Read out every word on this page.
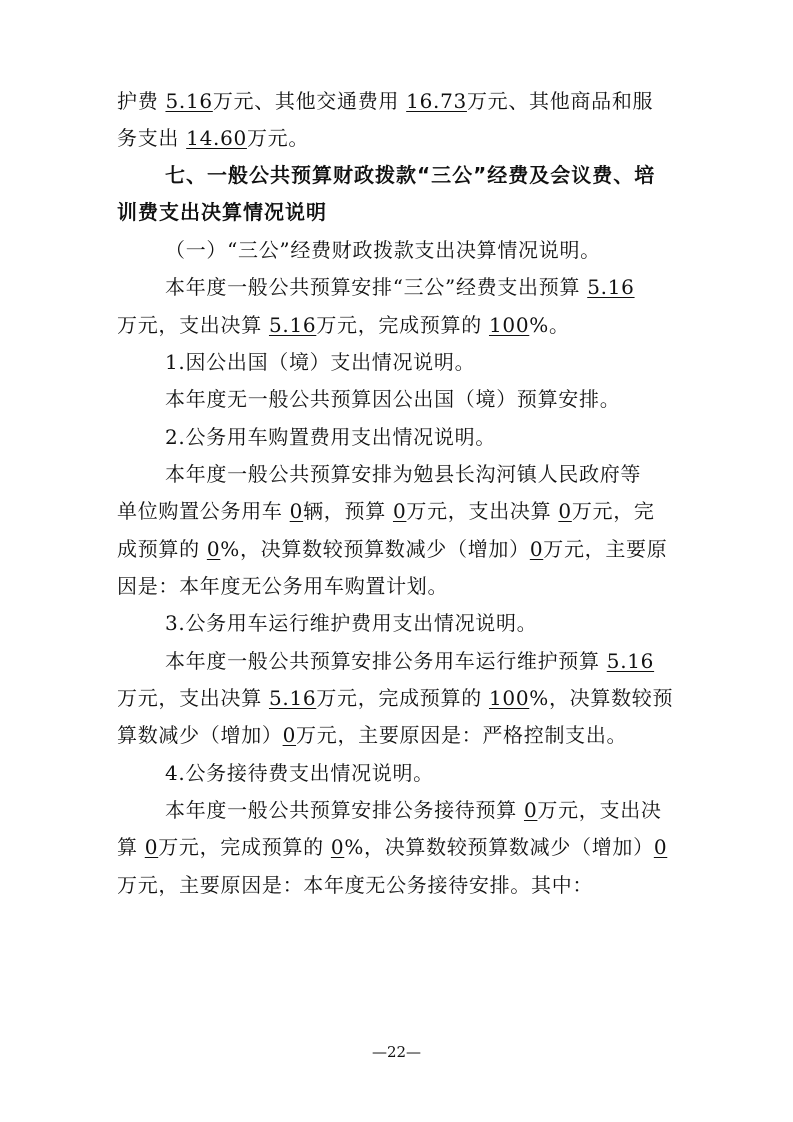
护费 5.16万元、其他交通费用 16.73万元、其他商品和服
务支出 14.60万元。
七、一般公共预算财政拨款“三公”经费及会议费、培
训费支出决算情况说明
（一）“三公”经费财政拨款支出决算情况说明。
本年度一般公共预算安排“三公”经费支出预算 5.16
万元，支出决算 5.16万元，完成预算的 100%。
1.因公出国（境）支出情况说明。
本年度无一般公共预算因公出国（境）预算安排。
2.公务用车购置费用支出情况说明。
本年度一般公共预算安排为勉县长沟河镇人民政府等
单位购置公务用车 0辆，预算 0万元，支出决算 0万元，完
成预算的 0%，决算数较预算数减少（增加）0万元，主要原
因是：本年度无公务用车购置计划。
3.公务用车运行维护费用支出情况说明。
本年度一般公共预算安排公务用车运行维护预算 5.16
万元，支出决算 5.16万元，完成预算的 100%，决算数较预
算数减少（增加）0万元，主要原因是：严格控制支出。
4.公务接待费支出情况说明。
本年度一般公共预算安排公务接待预算 0万元，支出决
算 0万元，完成预算的 0%，决算数较预算数减少（增加）0
万元，主要原因是：本年度无公务接待安排。其中：
—22—
